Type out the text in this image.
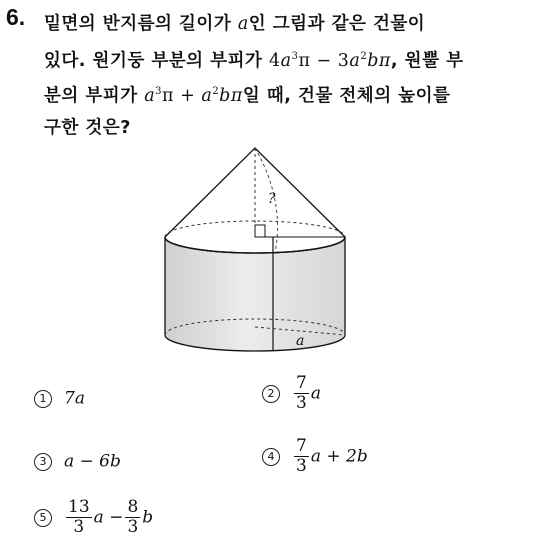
6. 밑면의 반지름의 길이가 a인 그림과 같은 건물이
있다. 원기둥 부분의 부피가 $4a^3\pi - 3a^2b\pi$, 원뿔 부
분의 부피가 $a^3\pi + a^2b\pi$일 때, 건물 전체의 높이를
구한 것은?
?
a
1 7a	$2 \frac{7}{3}$ a
3 a − 6b	$4 \frac{7}{3}$ a + 2b
$5 \frac{13}{3}$ $a - \frac{8}{3}$ b
